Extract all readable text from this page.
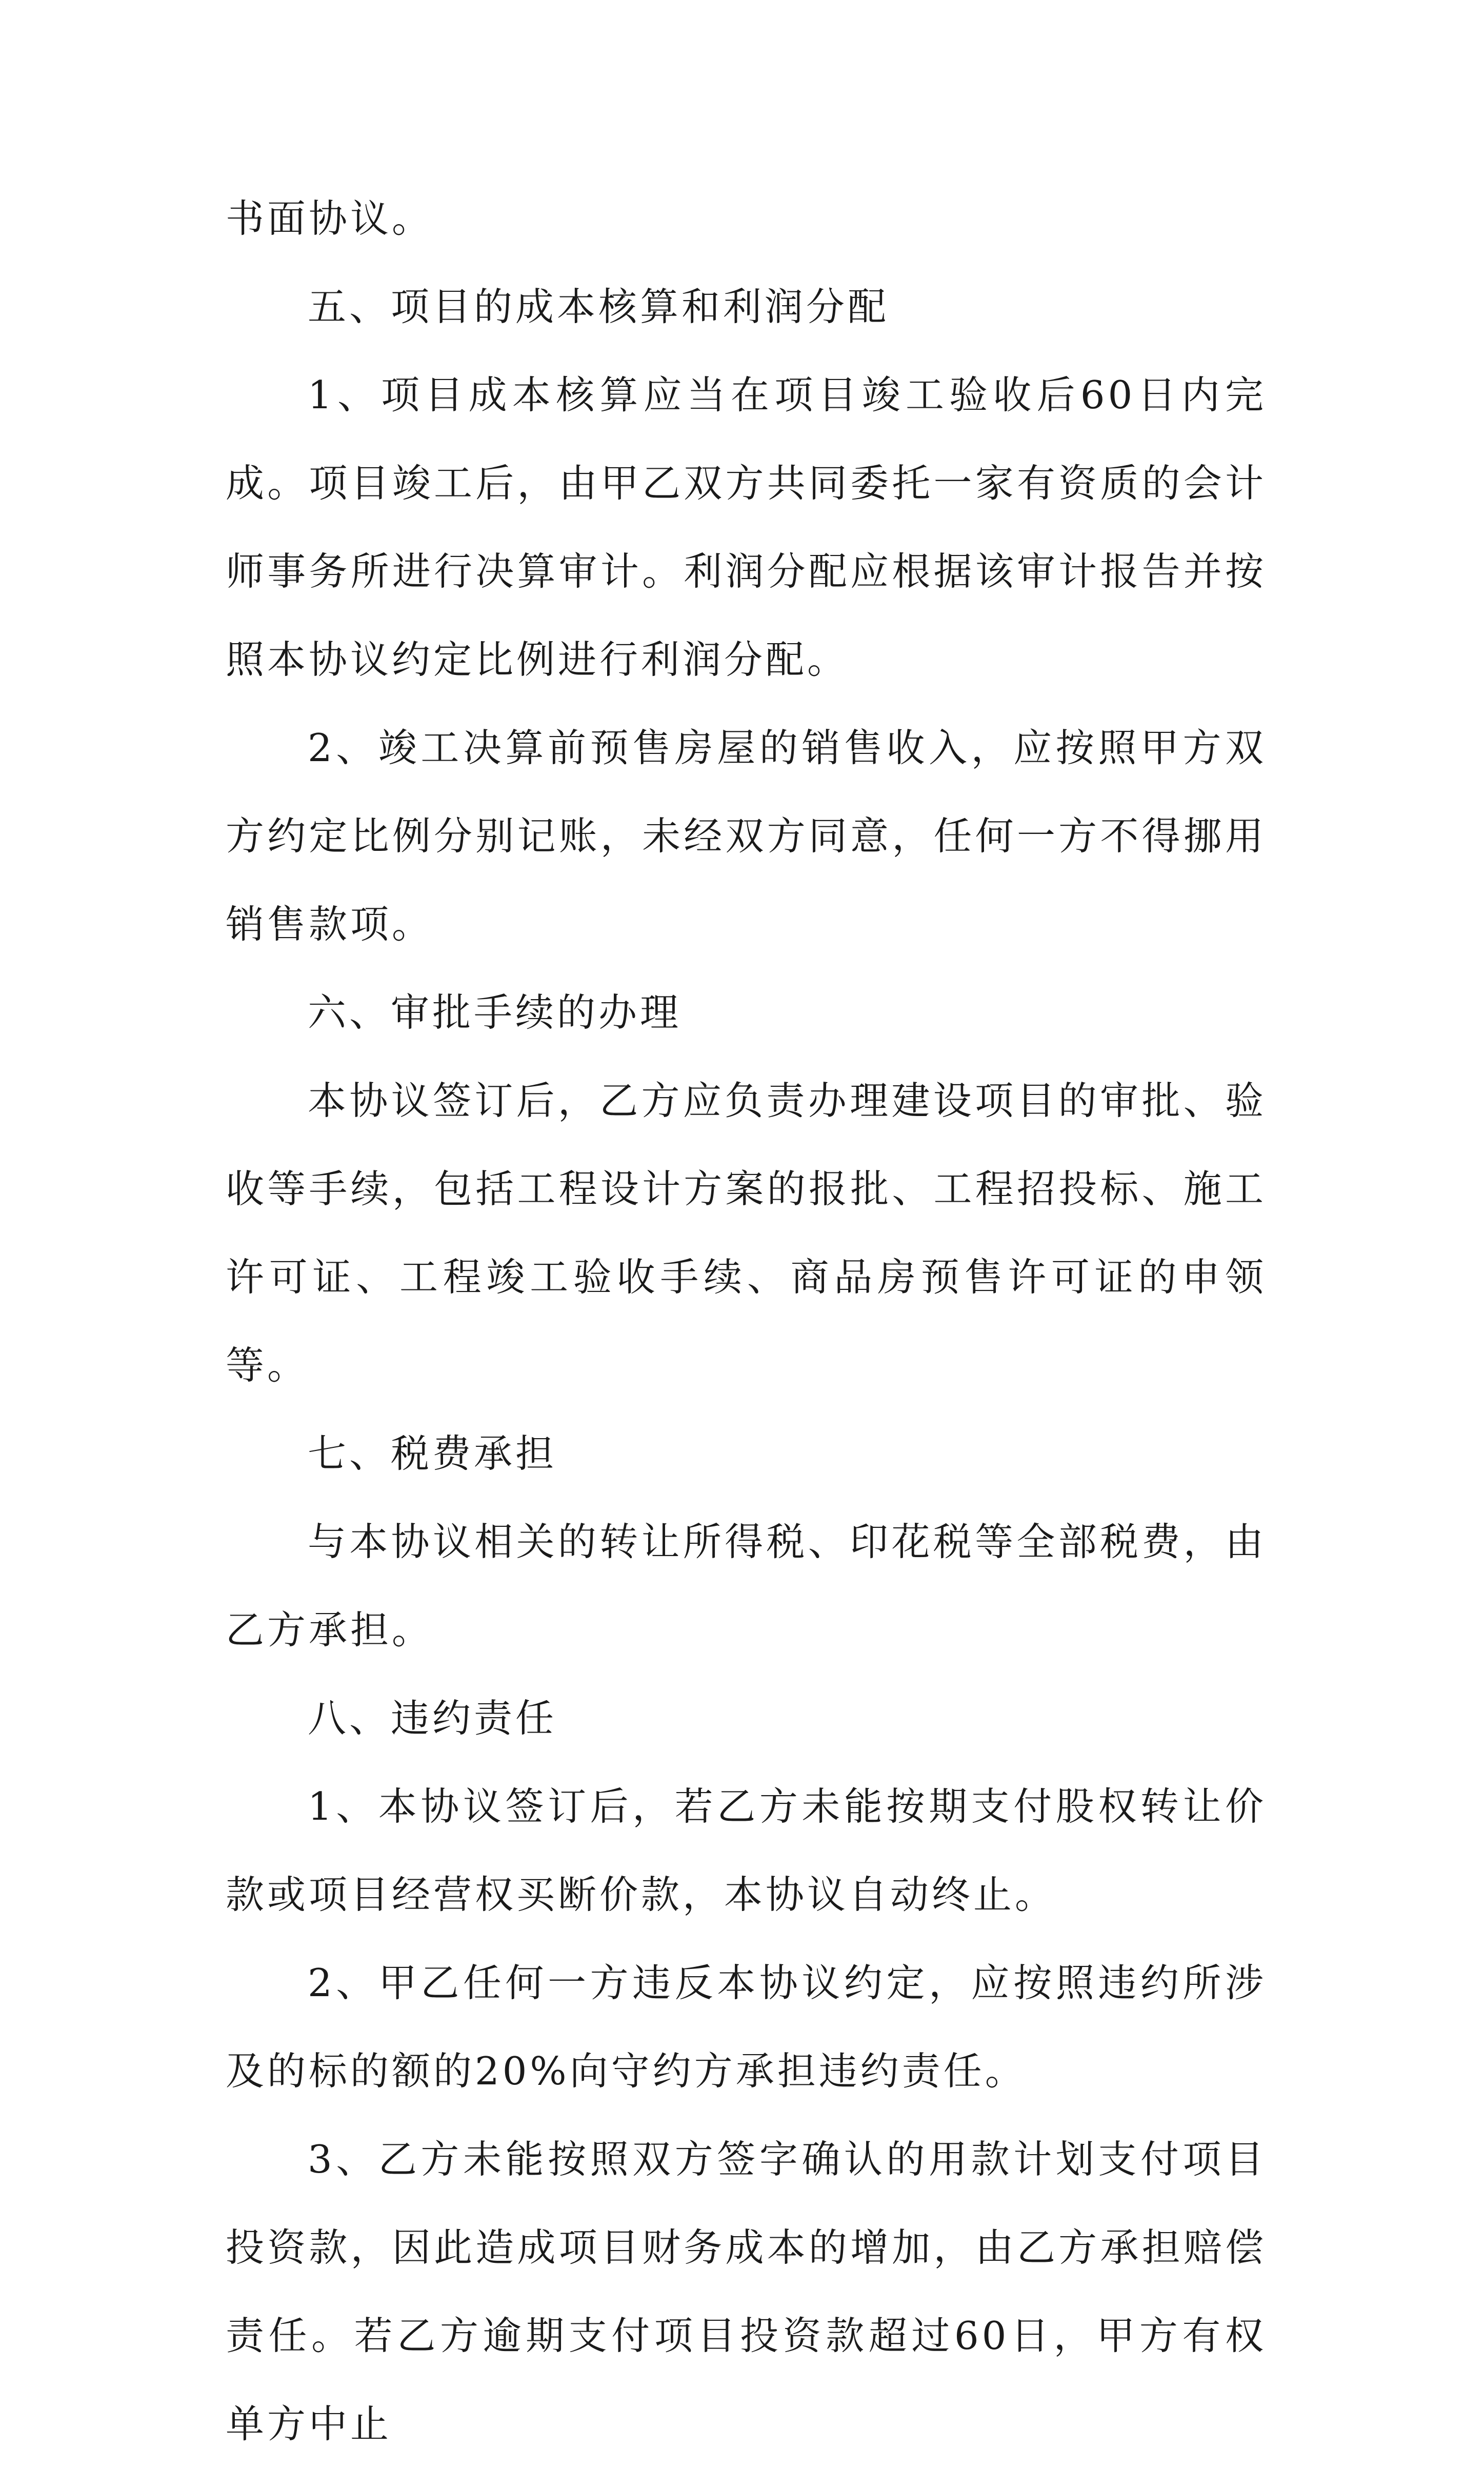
书面协议。

五、项目的成本核算和利润分配

1、项目成本核算应当在项目竣工验收后60日内完成。项目竣工后，由甲乙双方共同委托一家有资质的会计师事务所进行决算审计。利润分配应根据该审计报告并按照本协议约定比例进行利润分配。

2、竣工决算前预售房屋的销售收入，应按照甲方双方约定比例分别记账，未经双方同意，任何一方不得挪用销售款项。

六、审批手续的办理

本协议签订后，乙方应负责办理建设项目的审批、验收等手续，包括工程设计方案的报批、工程招投标、施工许可证、工程竣工验收手续、商品房预售许可证的申领等。

七、税费承担

与本协议相关的转让所得税、印花税等全部税费，由乙方承担。

八、违约责任

1、本协议签订后，若乙方未能按期支付股权转让价款或项目经营权买断价款，本协议自动终止。

2、甲乙任何一方违反本协议约定，应按照违约所涉及的标的额的20%向守约方承担违约责任。

3、乙方未能按照双方签字确认的用款计划支付项目投资款，因此造成项目财务成本的增加，由乙方承担赔偿责任。若乙方逾期支付项目投资款超过60日，甲方有权单方中止
